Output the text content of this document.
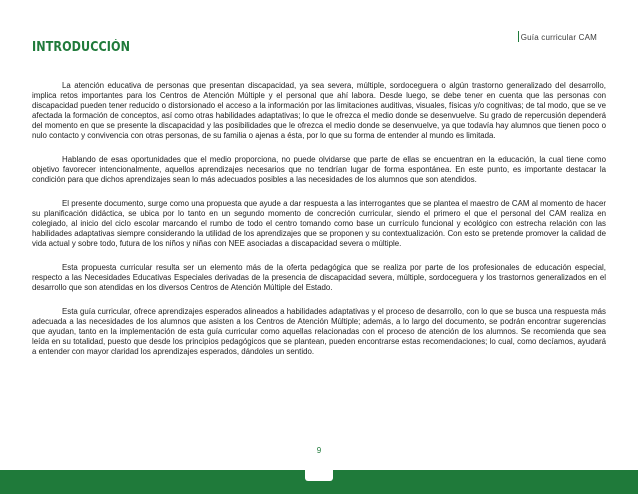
Guía curricular CAM
INTRODUCCIÓN

La atención educativa de personas que presentan discapacidad, ya sea severa, múltiple, sordoceguera o algún trastorno generalizado del desarrollo, implica retos importantes para los Centros de Atención Múltiple y el personal que ahí labora. Desde luego, se debe tener en cuenta que las personas con discapacidad pueden tener reducido o distorsionado el acceso a la información por las limitaciones auditivas, visuales, físicas y/o cognitivas; de tal modo, que se ve afectada la formación de conceptos, así como otras habilidades adaptativas; lo que le ofrezca el medio donde se desenvuelve. Su grado de repercusión dependerá del momento en que se presente la discapacidad y las posibilidades que le ofrezca el medio donde se desenvuelve, ya que todavía hay alumnos que tienen poco o nulo contacto y convivencia con otras personas, de su familia o ajenas a ésta, por lo que su forma de entender al mundo es limitada.

Hablando de esas oportunidades que el medio proporciona, no puede olvidarse que parte de ellas se encuentran en la educación, la cual tiene como objetivo favorecer intencionalmente, aquellos aprendizajes necesarios que no tendrían lugar de forma espontánea. En este punto, es importante destacar la condición para que dichos aprendizajes sean lo más adecuados posibles a las necesidades de los alumnos que son atendidos.

El presente documento, surge como una propuesta que ayude a dar respuesta a las interrogantes que se plantea el maestro de CAM al momento de hacer su planificación didáctica, se ubica por lo tanto en un segundo momento de concreción curricular, siendo el primero el que el personal del CAM realiza en colegiado, al inicio del ciclo escolar marcando el rumbo de todo el centro tomando como base un currículo funcional y ecológico con estrecha relación con las habilidades adaptativas siempre considerando la utilidad de los aprendizajes que se proponen y su contextualización. Con esto se pretende promover la calidad de vida actual y sobre todo, futura de los niños y niñas con NEE asociadas a discapacidad severa o múltiple.

Esta propuesta curricular resulta ser un elemento más de la oferta pedagógica que se realiza por parte de los profesionales de educación especial, respecto a las Necesidades Educativas Especiales derivadas de la presencia de discapacidad severa, múltiple, sordoceguera y los trastornos generalizados en el desarrollo que son atendidas en los diversos Centros de Atención Múltiple del Estado.

Esta guía curricular, ofrece aprendizajes esperados alineados a habilidades adaptativas y el proceso de desarrollo, con lo que se busca una respuesta más adecuada a las necesidades de los alumnos que asisten a los Centros de Atención Múltiple; además, a lo largo del documento, se podrán encontrar sugerencias que ayudan, tanto en la implementación de esta guía curricular como aquellas relacionadas con el proceso de atención de los alumnos. Se recomienda que sea leída en su totalidad, puesto que desde los principios pedagógicos que se plantean, pueden encontrarse estas recomendaciones; lo cual, como decíamos, ayudará a entender con mayor claridad los aprendizajes esperados, dándoles un sentido.

9
